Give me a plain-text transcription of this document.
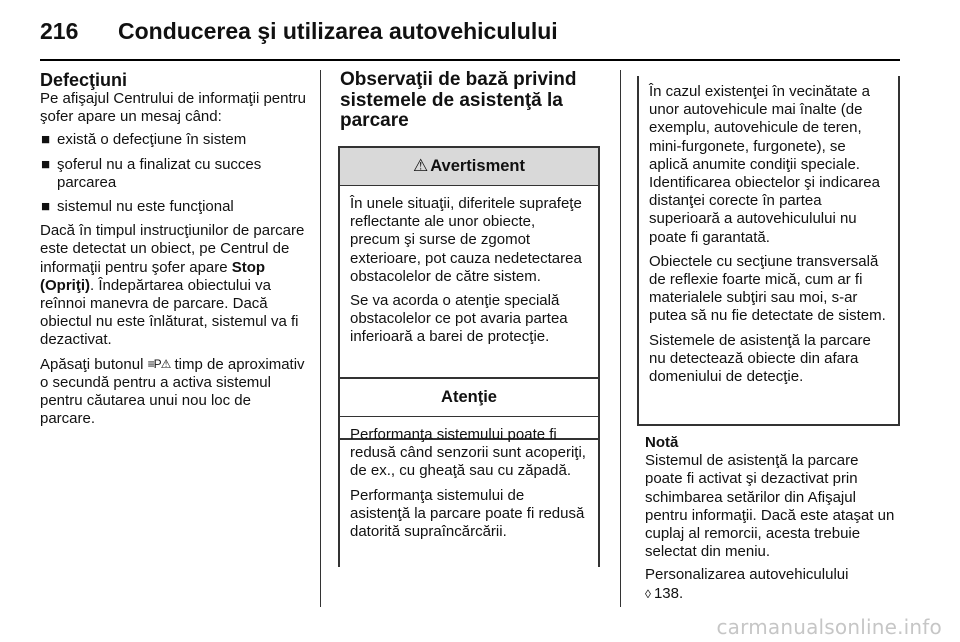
216 Conducerea şi utilizarea autovehiculului
Defecţiuni
Pe afişajul Centrului de informaţii pentru şofer apare un mesaj când:
■ există o defecţiune în sistem
■ şoferul nu a finalizat cu succes parcarea
■ sistemul nu este funcţional
Dacă în timpul instrucţiunilor de parcare este detectat un obiect, pe Centrul de informaţii pentru şofer apare Stop (Opriţi). Îndepărtarea obiectului va reînnoi manevra de parcare. Dacă obiectul nu este înlăturat, sistemul va fi dezactivat.
Apăsaţi butonul ≡P⚠ timp de aproximativ o secundă pentru a activa sistemul pentru căutarea unui nou loc de parcare.
Observaţii de bază privind sistemele de asistenţă la parcare
⚠ Avertisment
În unele situaţii, diferitele suprafeţe reflectante ale unor obiecte, precum şi surse de zgomot exterioare, pot cauza nedetectarea obstacolelor de către sistem.
Se va acorda o atenţie specială obstacolelor ce pot avaria partea inferioară a barei de protecţie.
Atenţie
Performanţa sistemului poate fi redusă când senzorii sunt acoperiţi, de ex., cu gheaţă sau cu zăpadă.
Performanţa sistemului de asistenţă la parcare poate fi redusă datorită supraîncărcării.
În cazul existenţei în vecinătate a unor autovehicule mai înalte (de exemplu, autovehicule de teren, mini-furgonete, furgonete), se aplică anumite condiţii speciale. Identificarea obiectelor şi indicarea distanţei corecte în partea superioară a autovehiculului nu poate fi garantată.
Obiectele cu secţiune transversală de reflexie foarte mică, cum ar fi materialele subţiri sau moi, s-ar putea să nu fie detectate de sistem.
Sistemele de asistenţă la parcare nu detectează obiecte din afara domeniului de detecţie.
Notă
Sistemul de asistenţă la parcare poate fi activat şi dezactivat prin schimbarea setărilor din Afişajul pentru informaţii. Dacă este ataşat un cuplaj al remorcii, acesta trebuie selectat din meniu.
Personalizarea autovehiculului
◊ 138.
carmanualsonline.info
